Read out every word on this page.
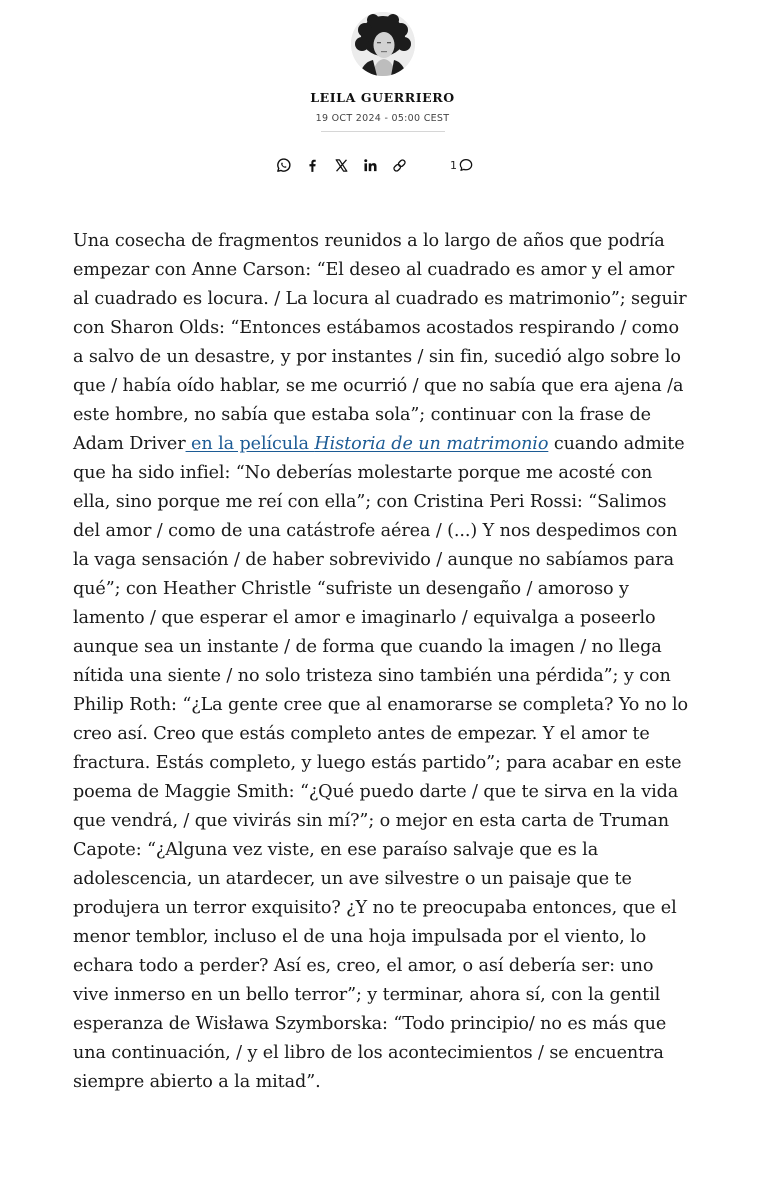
LEILA GUERRIERO
19 OCT 2024 - 05:00 CEST
1

Una cosecha de fragmentos reunidos a lo largo de años que podría empezar con Anne Carson: “El deseo al cuadrado es amor y el amor al cuadrado es locura. / La locura al cuadrado es matrimonio”; seguir con Sharon Olds: “Entonces estábamos acostados respirando / como a salvo de un desastre, y por instantes / sin fin, sucedió algo sobre lo que / había oído hablar, se me ocurrió / que no sabía que era ajena /a este hombre, no sabía que estaba sola”; continuar con la frase de Adam Driver en la película Historia de un matrimonio cuando admite que ha sido infiel: “No deberías molestarte porque me acosté con ella, sino porque me reí con ella”; con Cristina Peri Rossi: “Salimos del amor / como de una catástrofe aérea / (...) Y nos despedimos con la vaga sensación / de haber sobrevivido / aunque no sabíamos para qué”; con Heather Christle “sufriste un desengaño / amoroso y lamento / que esperar el amor e imaginarlo / equivalga a poseerlo aunque sea un instante / de forma que cuando la imagen / no llega nítida una siente / no solo tristeza sino también una pérdida”; y con Philip Roth: “¿La gente cree que al enamorarse se completa? Yo no lo creo así. Creo que estás completo antes de empezar. Y el amor te fractura. Estás completo, y luego estás partido”; para acabar en este poema de Maggie Smith: “¿Qué puedo darte / que te sirva en la vida que vendrá, / que vivirás sin mí?”; o mejor en esta carta de Truman Capote: “¿Alguna vez viste, en ese paraíso salvaje que es la adolescencia, un atardecer, un ave silvestre o un paisaje que te produjera un terror exquisito? ¿Y no te preocupaba entonces, que el menor temblor, incluso el de una hoja impulsada por el viento, lo echara todo a perder? Así es, creo, el amor, o así debería ser: uno vive inmerso en un bello terror”; y terminar, ahora sí, con la gentil esperanza de Wisława Szymborska: “Todo principio/ no es más que una continuación, / y el libro de los acontecimientos / se encuentra siempre abierto a la mitad”.
